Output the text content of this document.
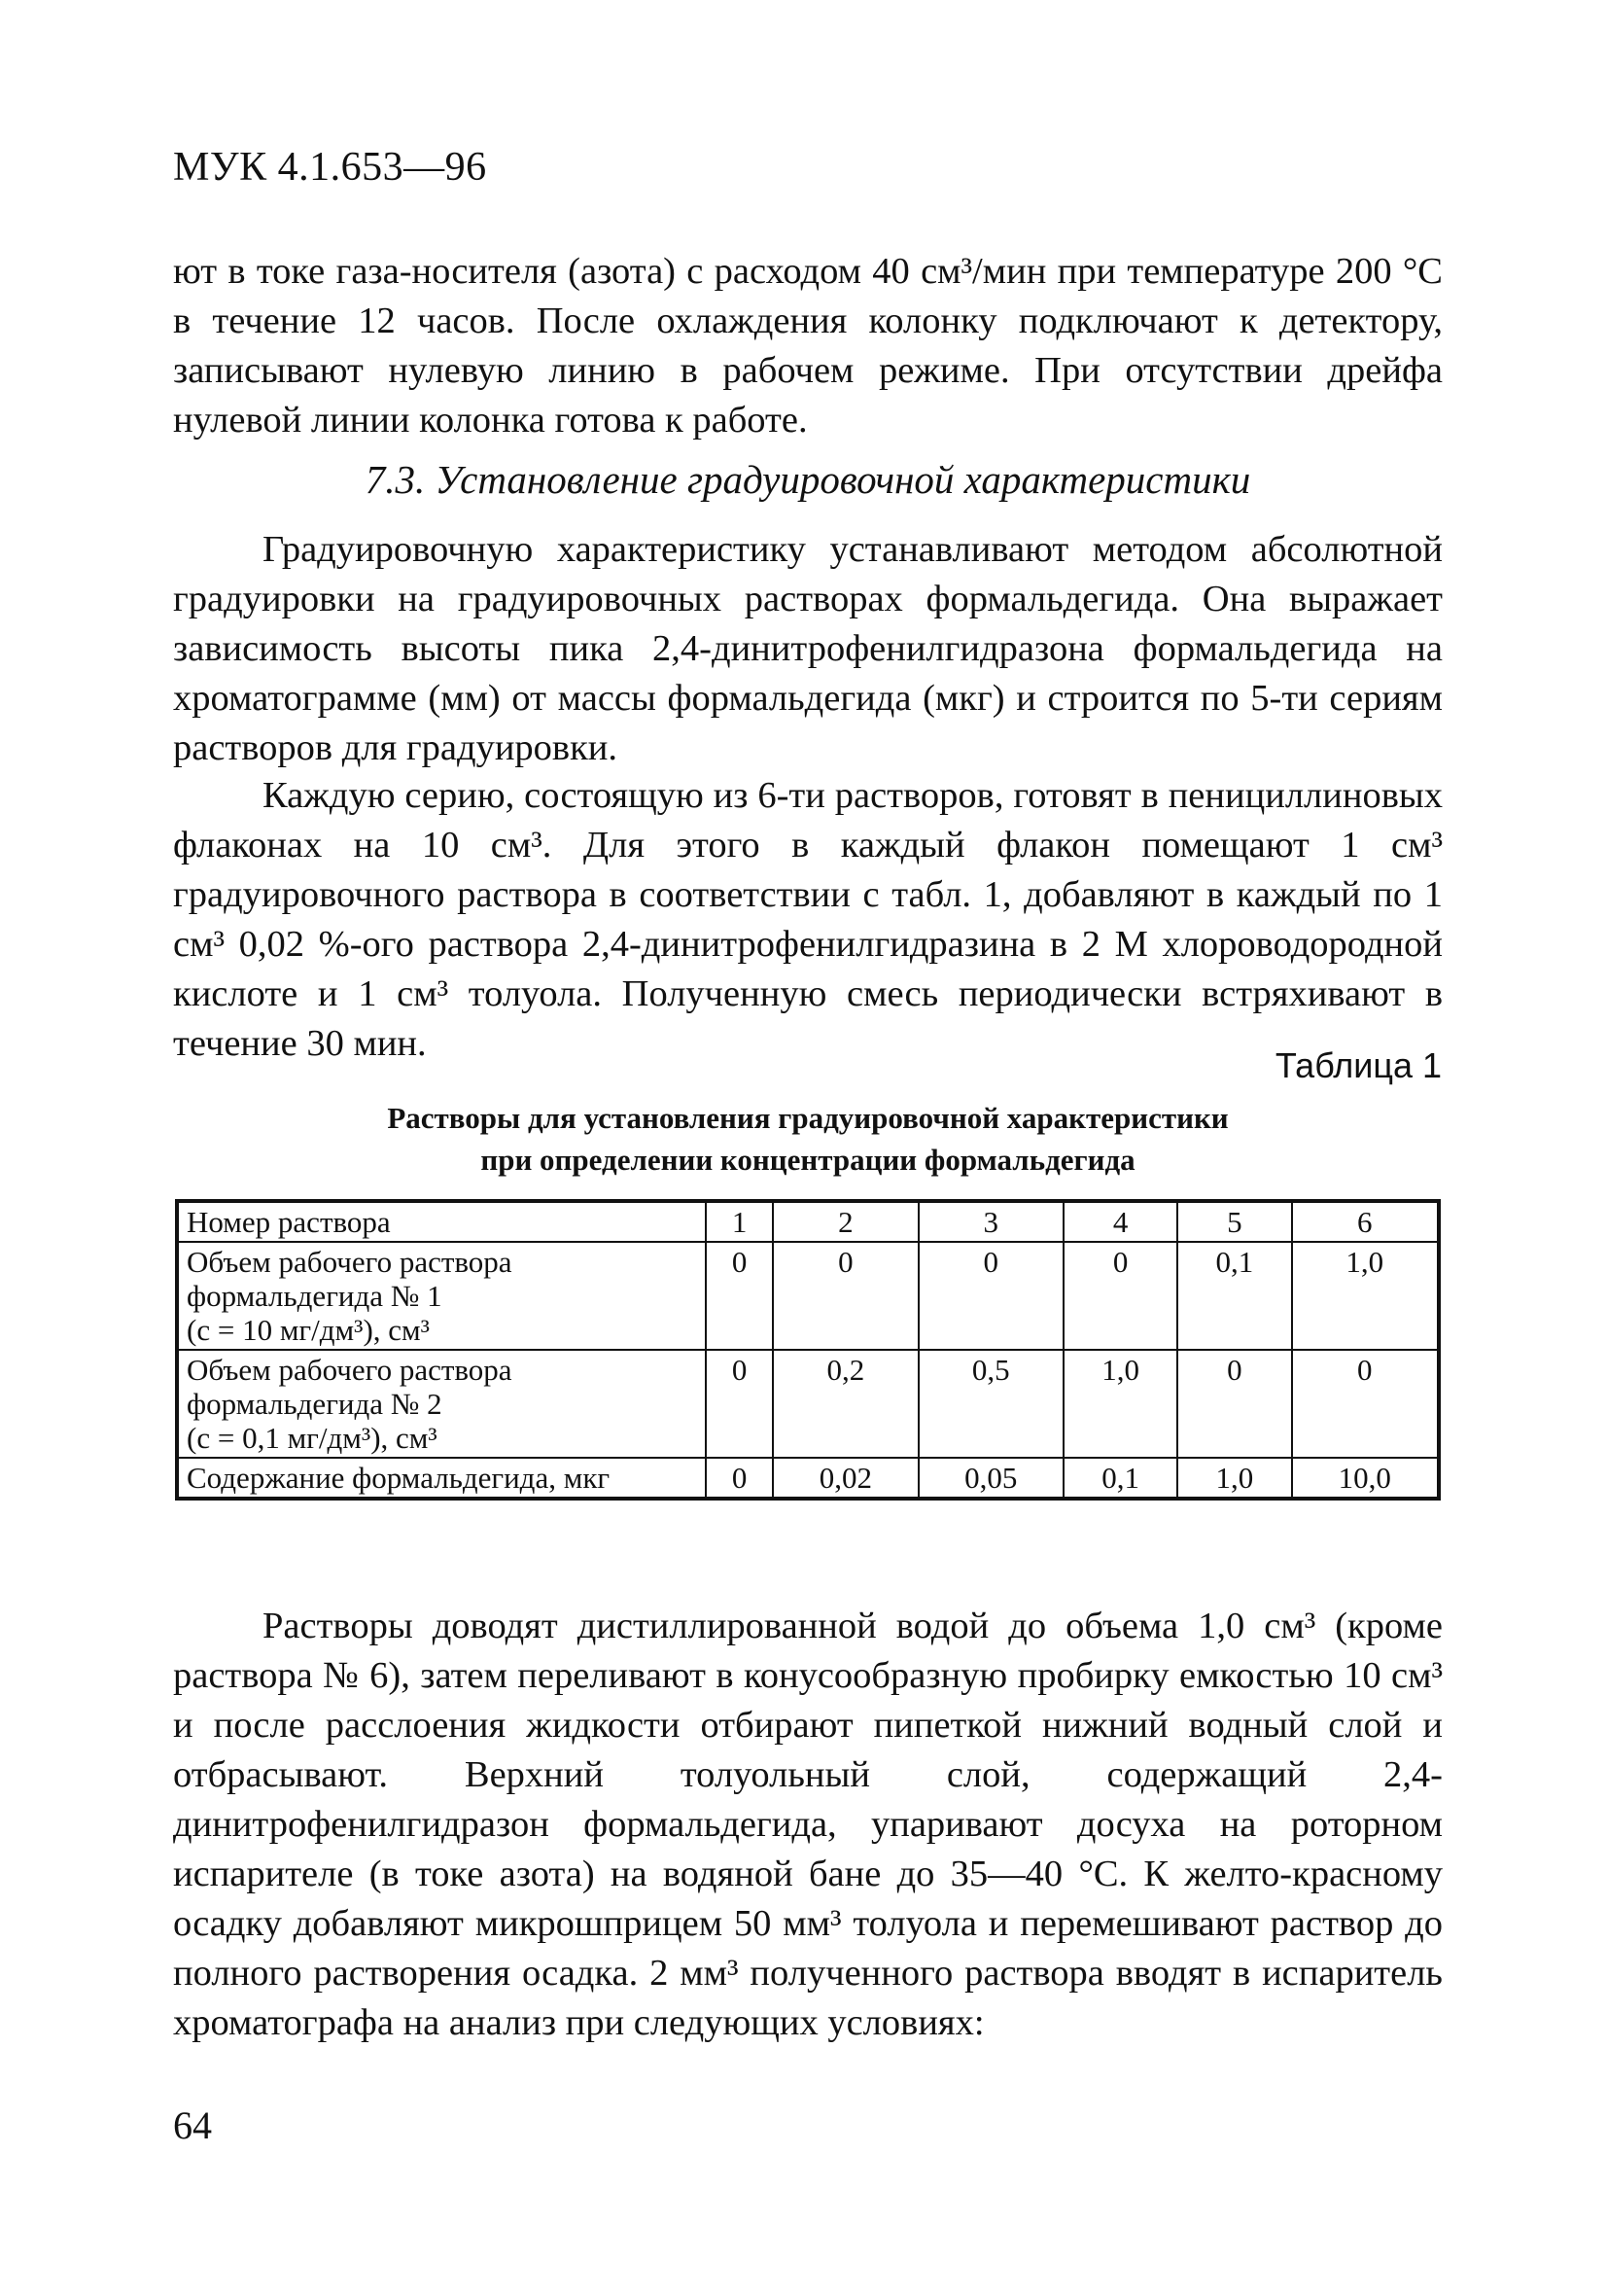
МУК 4.1.653—96

ют в токе газа-носителя (азота) с расходом 40 см³/мин при температуре 200 °С в течение 12 часов. После охлаждения колонку подключают к детектору, записывают нулевую линию в рабочем режиме. При отсутствии дрейфа нулевой линии колонка готова к работе.

7.3. Установление градуировочной характеристики

Градуировочную характеристику устанавливают методом абсолютной градуировки на градуировочных растворах формальдегида. Она выражает зависимость высоты пика 2,4-динитрофенилгидразона формальдегида на хроматограмме (мм) от массы формальдегида (мкг) и строится по 5-ти сериям растворов для градуировки.

Каждую серию, состоящую из 6-ти растворов, готовят в пенициллиновых флаконах на 10 см³. Для этого в каждый флакон помещают 1 см³ градуировочного раствора в соответствии с табл. 1, добавляют в каждый по 1 см³ 0,02 %-ого раствора 2,4-динитрофенилгидразина в 2 М хлороводородной кислоте и 1 см³ толуола. Полученную смесь периодически встряхивают в течение 30 мин.

Таблица 1
Растворы для установления градуировочной характеристики
при определении концентрации формальдегида
Номер раствора	1	2	3	4	5	6

Объем рабочего раствора
формальдегида № 1
(с = 10 мг/дм³), см³	0	0	0	0	0,1	1,0

Объем рабочего раствора
формальдегида № 2
(с = 0,1 мг/дм³), см³	0	0,2	0,5	1,0	0	0

Содержание формальдегида, мкг	0	0,02	0,05	0,1	1,0	10,0

Растворы доводят дистиллированной водой до объема 1,0 см³ (кроме раствора № 6), затем переливают в конусообразную пробирку емкостью 10 см³ и после расслоения жидкости отбирают пипеткой нижний водный слой и отбрасывают. Верхний толуольный слой, содержащий 2,4-динитрофенилгидразон формальдегида, упаривают досуха на роторном испарителе (в токе азота) на водяной бане до 35—40 °С. К желто-красному осадку добавляют микрошприцем 50 мм³ толуола и перемешивают раствор до полного растворения осадка. 2 мм³ полученного раствора вводят в испаритель хроматографа на анализ при следующих условиях:

64
